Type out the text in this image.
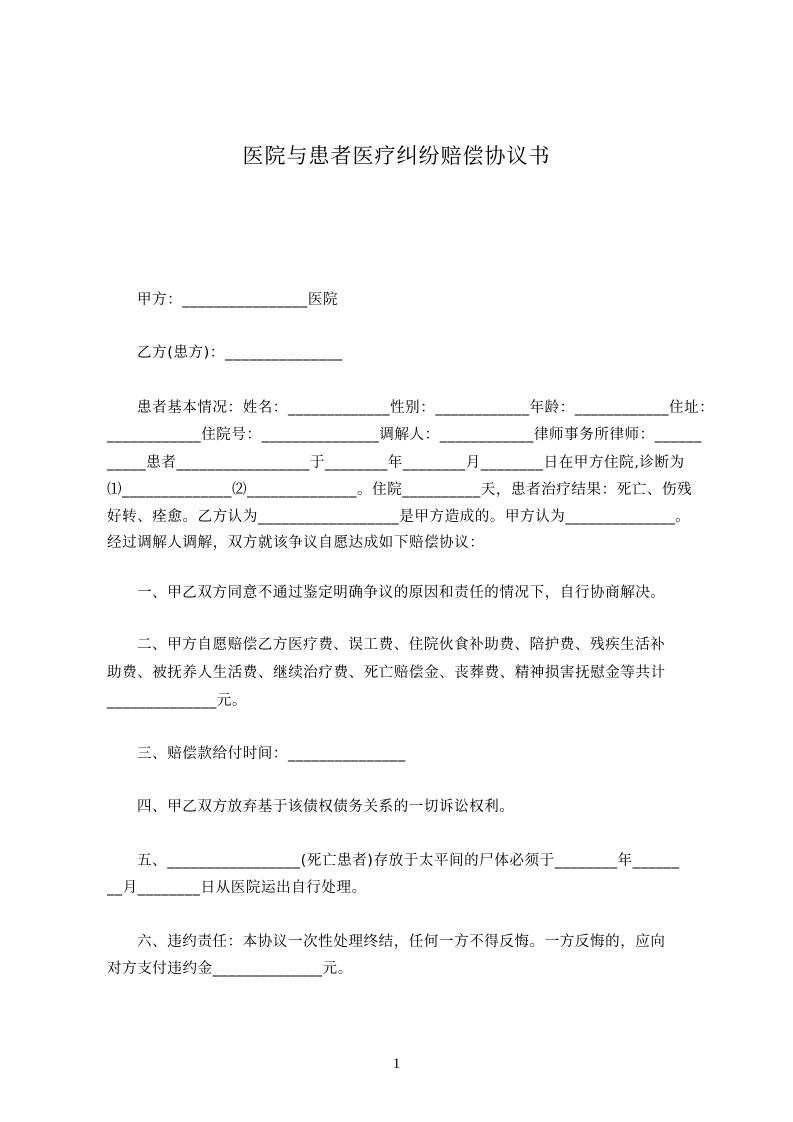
医院与患者医疗纠纷赔偿协议书
甲方：________________医院
乙方(患方)：_______________
患者基本情况：姓名：_____________性别：____________年龄：____________住址：
____________住院号：_______________调解人：____________律师事务所律师：______
_____患者_________________于________年________月________日在甲方住院,诊断为
⑴______________⑵______________。住院__________天，患者治疗结果：死亡、伤残
好转、痊愈。乙方认为__________________是甲方造成的。甲方认为______________。
经过调解人调解，双方就该争议自愿达成如下赔偿协议：
一、甲乙双方同意不通过鉴定明确争议的原因和责任的情况下，自行协商解决。
二、甲方自愿赔偿乙方医疗费、误工费、住院伙食补助费、陪护费、残疾生活补
助费、被抚养人生活费、继续治疗费、死亡赔偿金、丧葬费、精神损害抚慰金等共计
______________元。
三、赔偿款给付时间：_______________
四、甲乙双方放弃基于该债权债务关系的一切诉讼权利。
五、_________________(死亡患者)存放于太平间的尸体必须于________年______
__月________日从医院运出自行处理。
六、违约责任：本协议一次性处理终结，任何一方不得反悔。一方反悔的，应向
对方支付违约金______________元。
1
